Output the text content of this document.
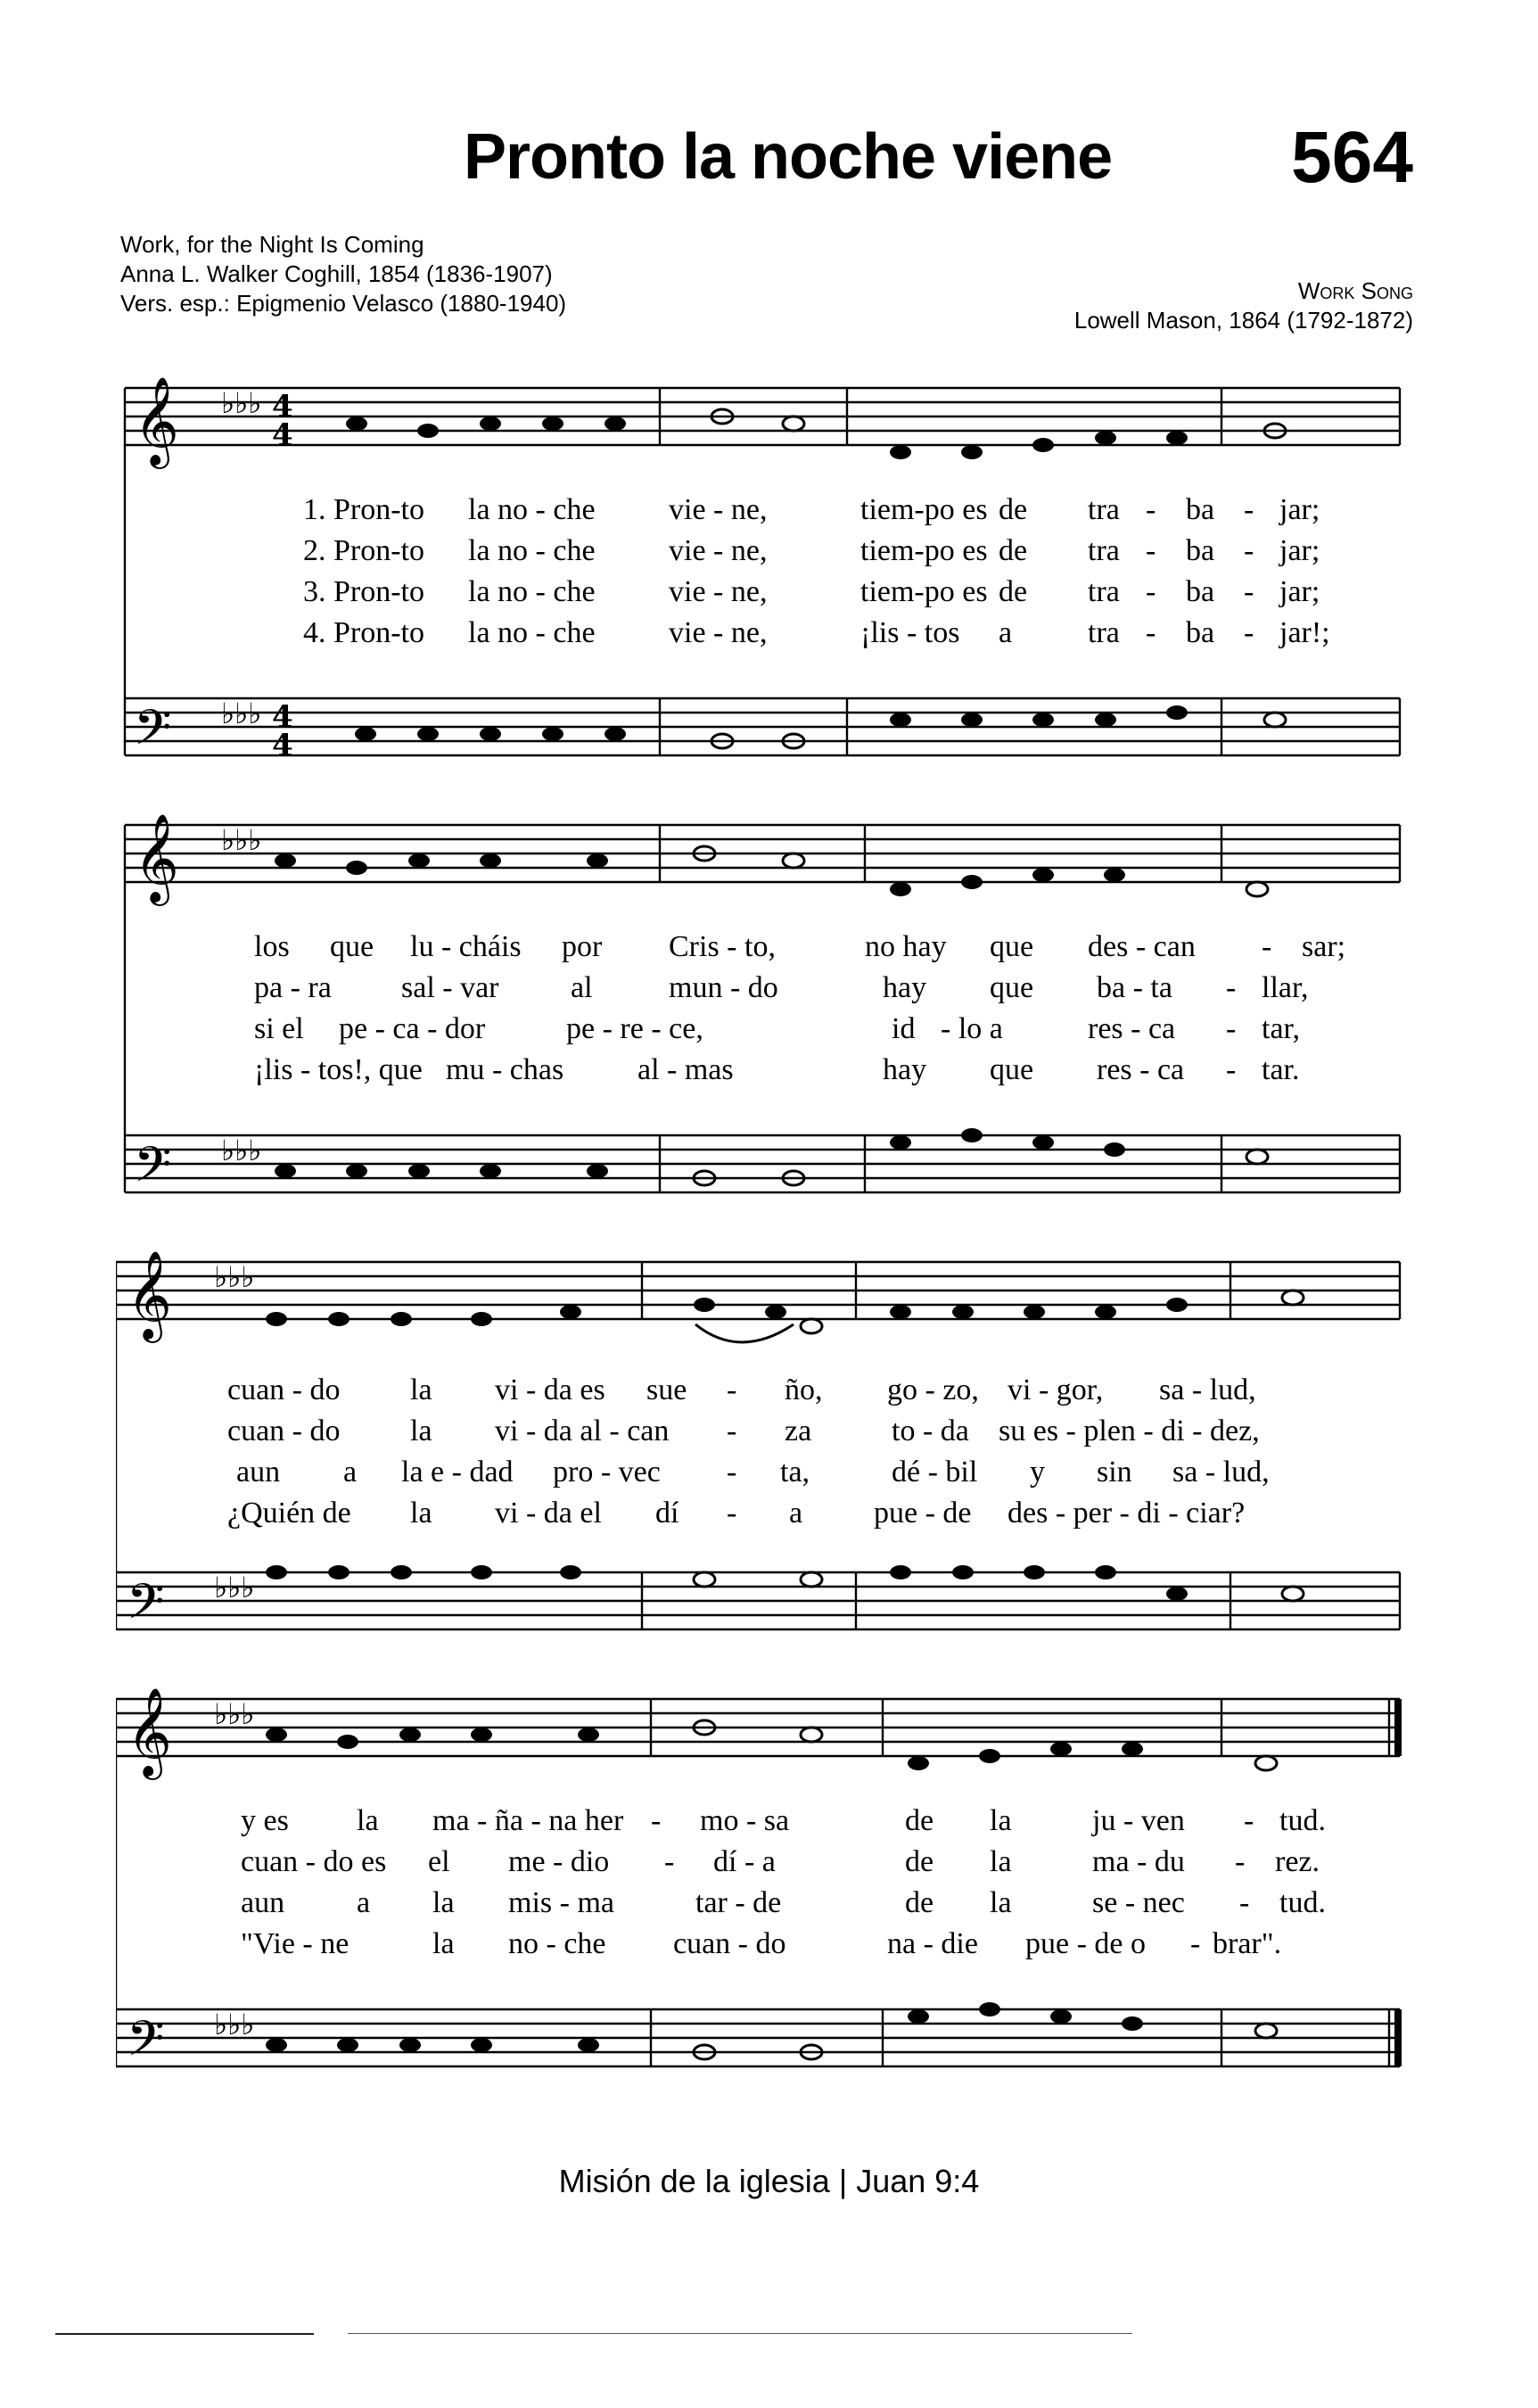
Pronto la noche viene 564
Work, for the Night Is Coming
Anna L. Walker Coghill, 1854 (1836-1907)
Vers. esp.: Epigmenio Velasco (1880-1940)	Work Song
Lowell Mason, 1864 (1792-1872)
𝄞
𝄢
♭♭♭
♭♭♭
4
4
4
4
1. Pron-to la no - che vie - ne,	tiem-po es de tra - ba - jar;
2. Pron-to la no - che vie - ne,	tiem-po es de tra - ba - jar;
3. Pron-to la no - che vie - ne,	tiem-po es de tra - ba - jar;
4. Pron-to la no - che vie - ne,	¡lis - tos a tra - ba - jar!;
𝄞
𝄢
♭♭♭
♭♭♭
los que lu - cháis por Cris - to,	no hay que des - can - sar;
pa - ra sal - var al	mun - do	hay que ba - ta - llar,
si el pe - ca - dor	pe - re - ce,	id - lo a	res - ca - tar,
¡lis - tos!, que mu - chas al - mas	hay que res - ca - tar.
𝄞
𝄢
♭♭♭
♭♭♭
cuan - do la vi - da es sue - ño, go - zo, vi - gor, sa - lud,
cuan - do la vi - da al - can - za	to - da su es - plen - di - dez,
aun a la e - dad pro - vec - ta,	dé - bil y sin sa - lud,
¿Quién de la vi - da el dí - a pue - de des - per - di - ciar?
𝄞
𝄢
♭♭♭
♭♭♭
y es la ma - ña - na her - mo - sa	de la	ju - ven - tud.
cuan - do es el me - dio - dí - a	de la	ma - du - rez.
aun a la mis - ma	tar - de	de la	se - nec - tud.
"Vie - ne	la no - che cuan - do	na - die pue - de o - brar".
Misión de la iglesia | Juan 9:4
